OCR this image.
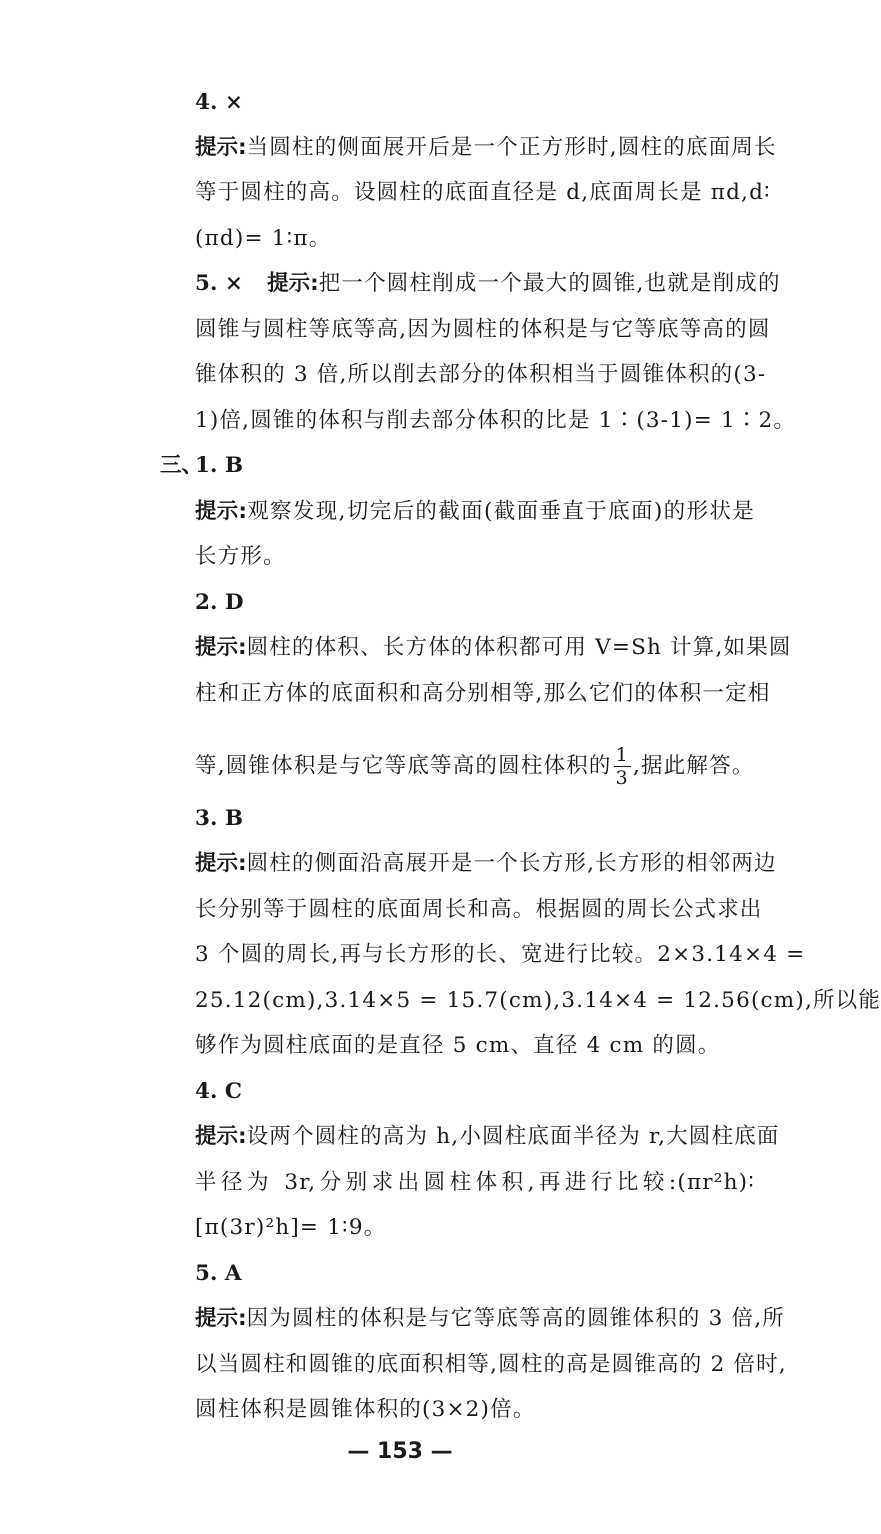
4. ×
提示:当圆柱的侧面展开后是一个正方形时,圆柱的底面周长
等于圆柱的高。设圆柱的底面直径是 d,底面周长是 πd,d∶
(πd)= 1∶π。
5. × 提示:把一个圆柱削成一个最大的圆锥,也就是削成的
圆锥与圆柱等底等高,因为圆柱的体积是与它等底等高的圆
锥体积的 3 倍,所以削去部分的体积相当于圆锥体积的(3-
1)倍,圆锥的体积与削去部分体积的比是 1∶(3-1)= 1∶2。
三、
1. B
提示:观察发现,切完后的截面(截面垂直于底面)的形状是
长方形。
2. D
提示:圆柱的体积、长方体的体积都可用 V=Sh 计算,如果圆
柱和正方体的底面积和高分别相等,那么它们的体积一定相
等,圆锥体积是与它等底等高的圆柱体积的 $\frac{1}{3}$ ,据此解答。
3. B
提示:圆柱的侧面沿高展开是一个长方形,长方形的相邻两边
长分别等于圆柱的底面周长和高。根据圆的周长公式求出
3 个圆的周长,再与长方形的长、宽进行比较。2×3.14×4 =
25.12(cm),3.14×5 = 15.7(cm),3.14×4 = 12.56(cm),所以能
够作为圆柱底面的是直径 5 cm、直径 4 cm 的圆。
4. C
提示:设两个圆柱的高为 h,小圆柱底面半径为 r,大圆柱底面
半径为 3r,分别求出圆柱体积,再进行比较:(πr²h)∶
[π(3r)²h]= 1∶9。
5. A
提示:因为圆柱的体积是与它等底等高的圆锥体积的 3 倍,所
以当圆柱和圆锥的底面积相等,圆柱的高是圆锥高的 2 倍时,
圆柱体积是圆锥体积的(3×2)倍。
— 153 —
